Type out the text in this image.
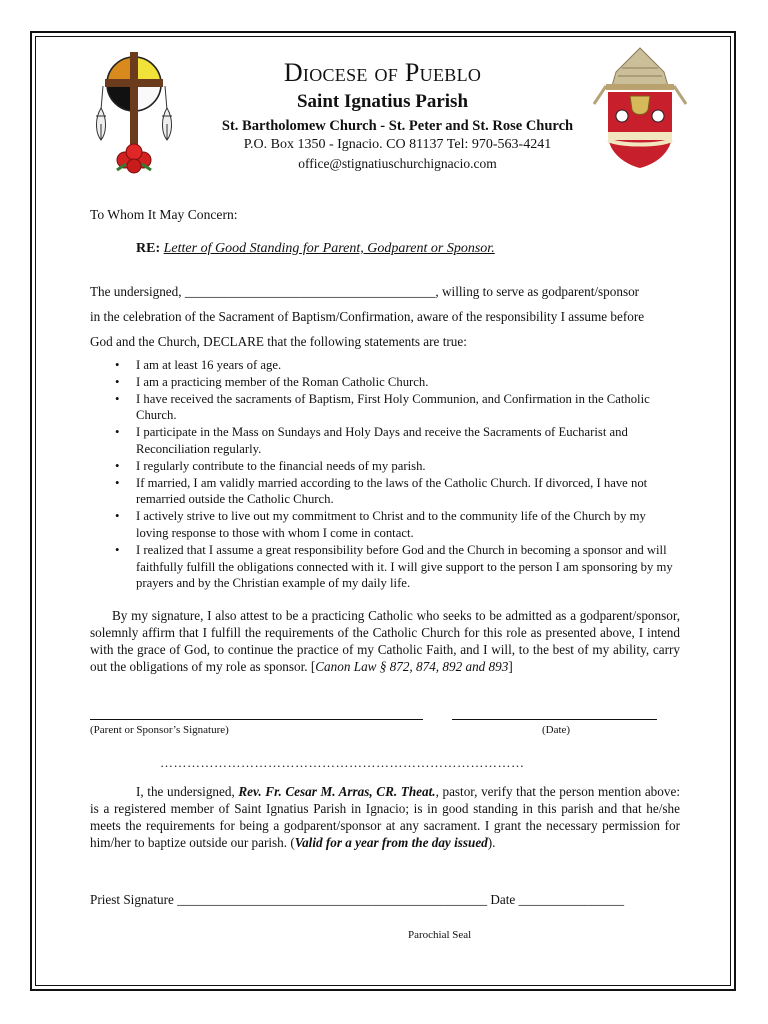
Diocese of Pueblo
Saint Ignatius Parish
St. Bartholomew Church - St. Peter and St. Rose Church
P.O. Box 1350 - Ignacio. CO 81137 Tel: 970-563-4241
office@stignatiuschurchignacio.com
To Whom It May Concern:
RE: Letter of Good Standing for Parent, Godparent or Sponsor.
The undersigned, ______________________________________, willing to serve as godparent/sponsor
in the celebration of the Sacrament of Baptism/Confirmation, aware of the responsibility I assume before
God and the Church, DECLARE that the following statements are true:
• I am at least 16 years of age.
• I am a practicing member of the Roman Catholic Church.
• I have received the sacraments of Baptism, First Holy Communion, and Confirmation in the Catholic Church.
• I participate in the Mass on Sundays and Holy Days and receive the Sacraments of Eucharist and Reconciliation regularly.
• I regularly contribute to the financial needs of my parish.
• If married, I am validly married according to the laws of the Catholic Church. If divorced, I have not remarried outside the Catholic Church.
• I actively strive to live out my commitment to Christ and to the community life of the Church by my loving response to those with whom I come in contact.
• I realized that I assume a great responsibility before God and the Church in becoming a sponsor and will faithfully fulfill the obligations connected with it. I will give support to the person I am sponsoring by my prayers and by the Christian example of my daily life.
By my signature, I also attest to be a practicing Catholic who seeks to be admitted as a godparent/sponsor, solemnly affirm that I fulfill the requirements of the Catholic Church for this role as presented above, I intend with the grace of God, to continue the practice of my Catholic Faith, and I will, to the best of my ability, carry out the obligations of my role as sponsor. [Canon Law § 872, 874, 892 and 893]
(Parent or Sponsor’s Signature)	(Date)
………………………………………………………………………
I, the undersigned, Rev. Fr. Cesar M. Arras, CR. Theat., pastor, verify that the person mention above: is a registered member of Saint Ignatius Parish in Ignacio; is in good standing in this parish and that he/she meets the requirements for being a godparent/sponsor at any sacrament. I grant the necessary permission for him/her to baptize outside our parish. (Valid for a year from the day issued).
Priest Signature _______________________________________________ Date ________________
Parochial Seal
